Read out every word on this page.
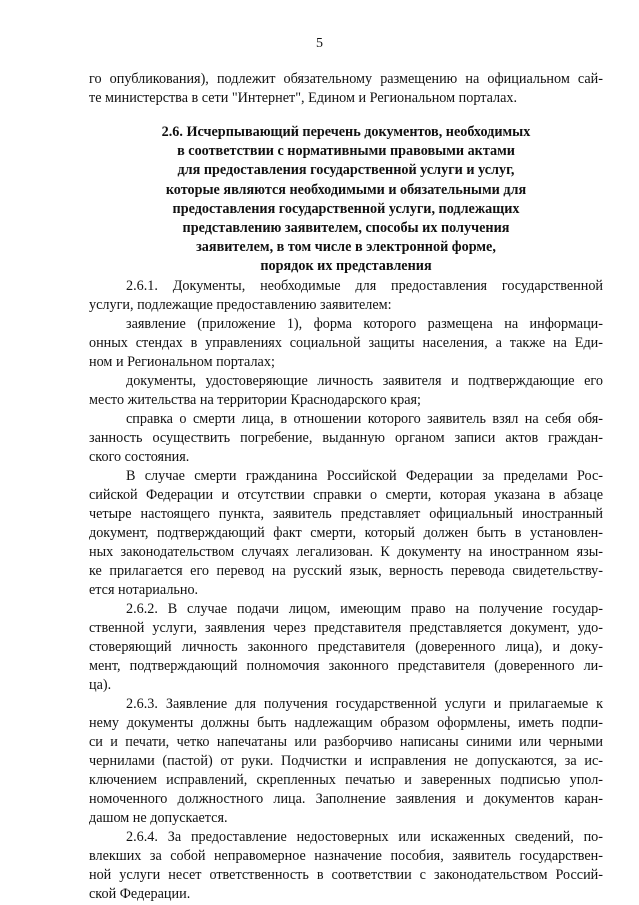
5
го опубликования), подлежит обязательному размещению на официальном сай-
те министерства в сети "Интернет", Едином и Региональном порталах.
2.6. Исчерпывающий перечень документов, необходимых
в соответствии с нормативными правовыми актами
для предоставления государственной услуги и услуг,
которые являются необходимыми и обязательными для
предоставления государственной услуги, подлежащих
представлению заявителем, способы их получения
заявителем, в том числе в электронной форме,
порядок их представления
2.6.1. Документы, необходимые для предоставления государственной
услуги, подлежащие предоставлению заявителем:
заявление (приложение 1), форма которого размещена на информаци-
онных стендах в управлениях социальной защиты населения, а также на Еди-
ном и Региональном порталах;
документы, удостоверяющие личность заявителя и подтверждающие его
место жительства на территории Краснодарского края;
справка о смерти лица, в отношении которого заявитель взял на себя обя-
занность осуществить погребение, выданную органом записи актов граждан-
ского состояния.
В случае смерти гражданина Российской Федерации за пределами Рос-
сийской Федерации и отсутствии справки о смерти, которая указана в абзаце
четыре настоящего пункта, заявитель представляет официальный иностранный
документ, подтверждающий факт смерти, который должен быть в установлен-
ных законодательством случаях легализован. К документу на иностранном язы-
ке прилагается его перевод на русский язык, верность перевода свидетельству-
ется нотариально.
2.6.2. В случае подачи лицом, имеющим право на получение государ-
ственной услуги, заявления через представителя представляется документ, удо-
стоверяющий личность законного представителя (доверенного лица), и доку-
мент, подтверждающий полномочия законного представителя (доверенного ли-
ца).
2.6.3. Заявление для получения государственной услуги и прилагаемые к
нему документы должны быть надлежащим образом оформлены, иметь подпи-
си и печати, четко напечатаны или разборчиво написаны синими или черными
чернилами (пастой) от руки. Подчистки и исправления не допускаются, за ис-
ключением исправлений, скрепленных печатью и заверенных подписью упол-
номоченного должностного лица. Заполнение заявления и документов каран-
дашом не допускается.
2.6.4. За предоставление недостоверных или искаженных сведений, по-
влекших за собой неправомерное назначение пособия, заявитель государствен-
ной услуги несет ответственность в соответствии с законодательством Россий-
ской Федерации.
